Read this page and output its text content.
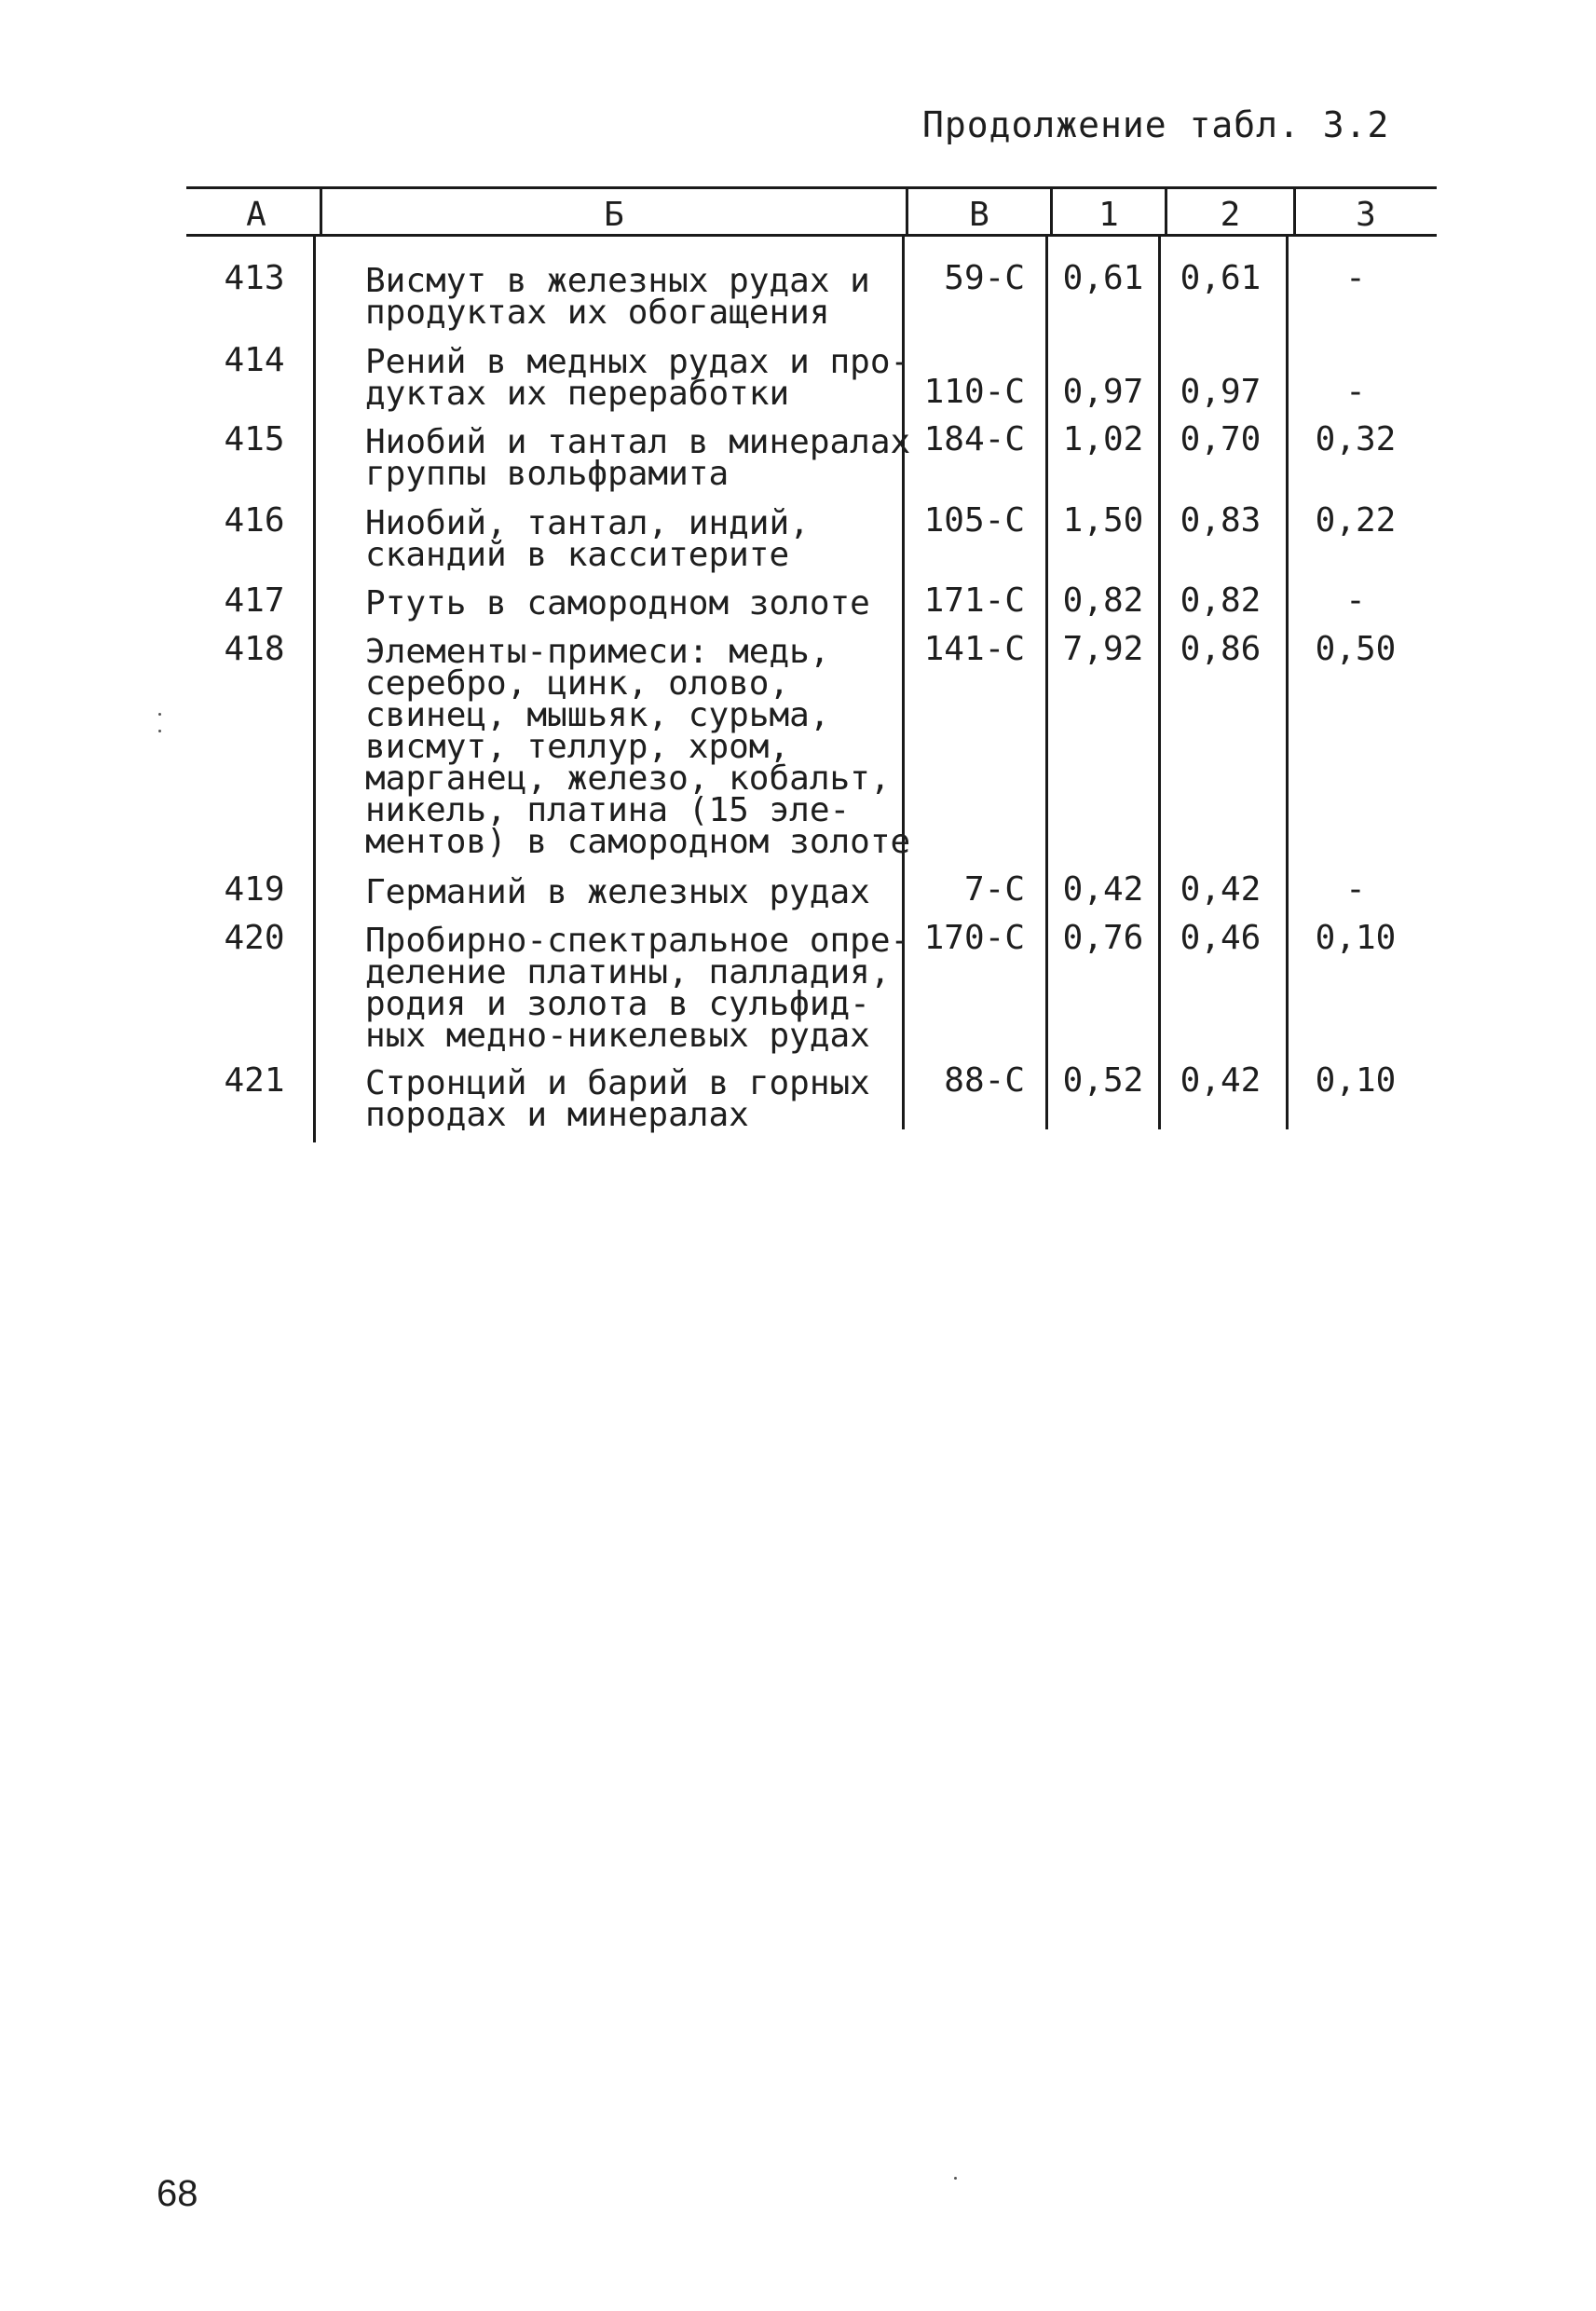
Продолжение табл. 3.2
А	Б	В	1	2	3
413	Висмут в железных рудах и
продуктах их обогащения
59-С	0,61	0,61	-
414	Рений в медных рудах и про-
дуктах их переработки	110-С	0,97	0,97	-
415	Ниобий и тантал в минералах
группы вольфрамита
184-С	1,02	0,70	0,32
416	Ниобий, тантал, индий,
скандий в касситерите
105-С	1,50	0,83	0,22
417	Ртуть в самородном золоте	171-С	0,82	0,82	-
418	Элементы-примеси: медь,
серебро, цинк, олово,
свинец, мышьяк, сурьма,
висмут, теллур, хром,
марганец, железо, кобальт,
никель, платина (15 эле-
ментов) в самородном золоте
141-С	7,92	0,86	0,50
419	Германий в железных рудах	7-С	0,42	0,42	-
420	Пробирно-спектральное опре-
деление платины, палладия,
родия и золота в сульфид-
ных медно-никелевых рудах
170-С	0,76	0,46	0,10
421	Стронций и барий в горных
породах и минералах
88-С	0,52	0,42	0,10
68
